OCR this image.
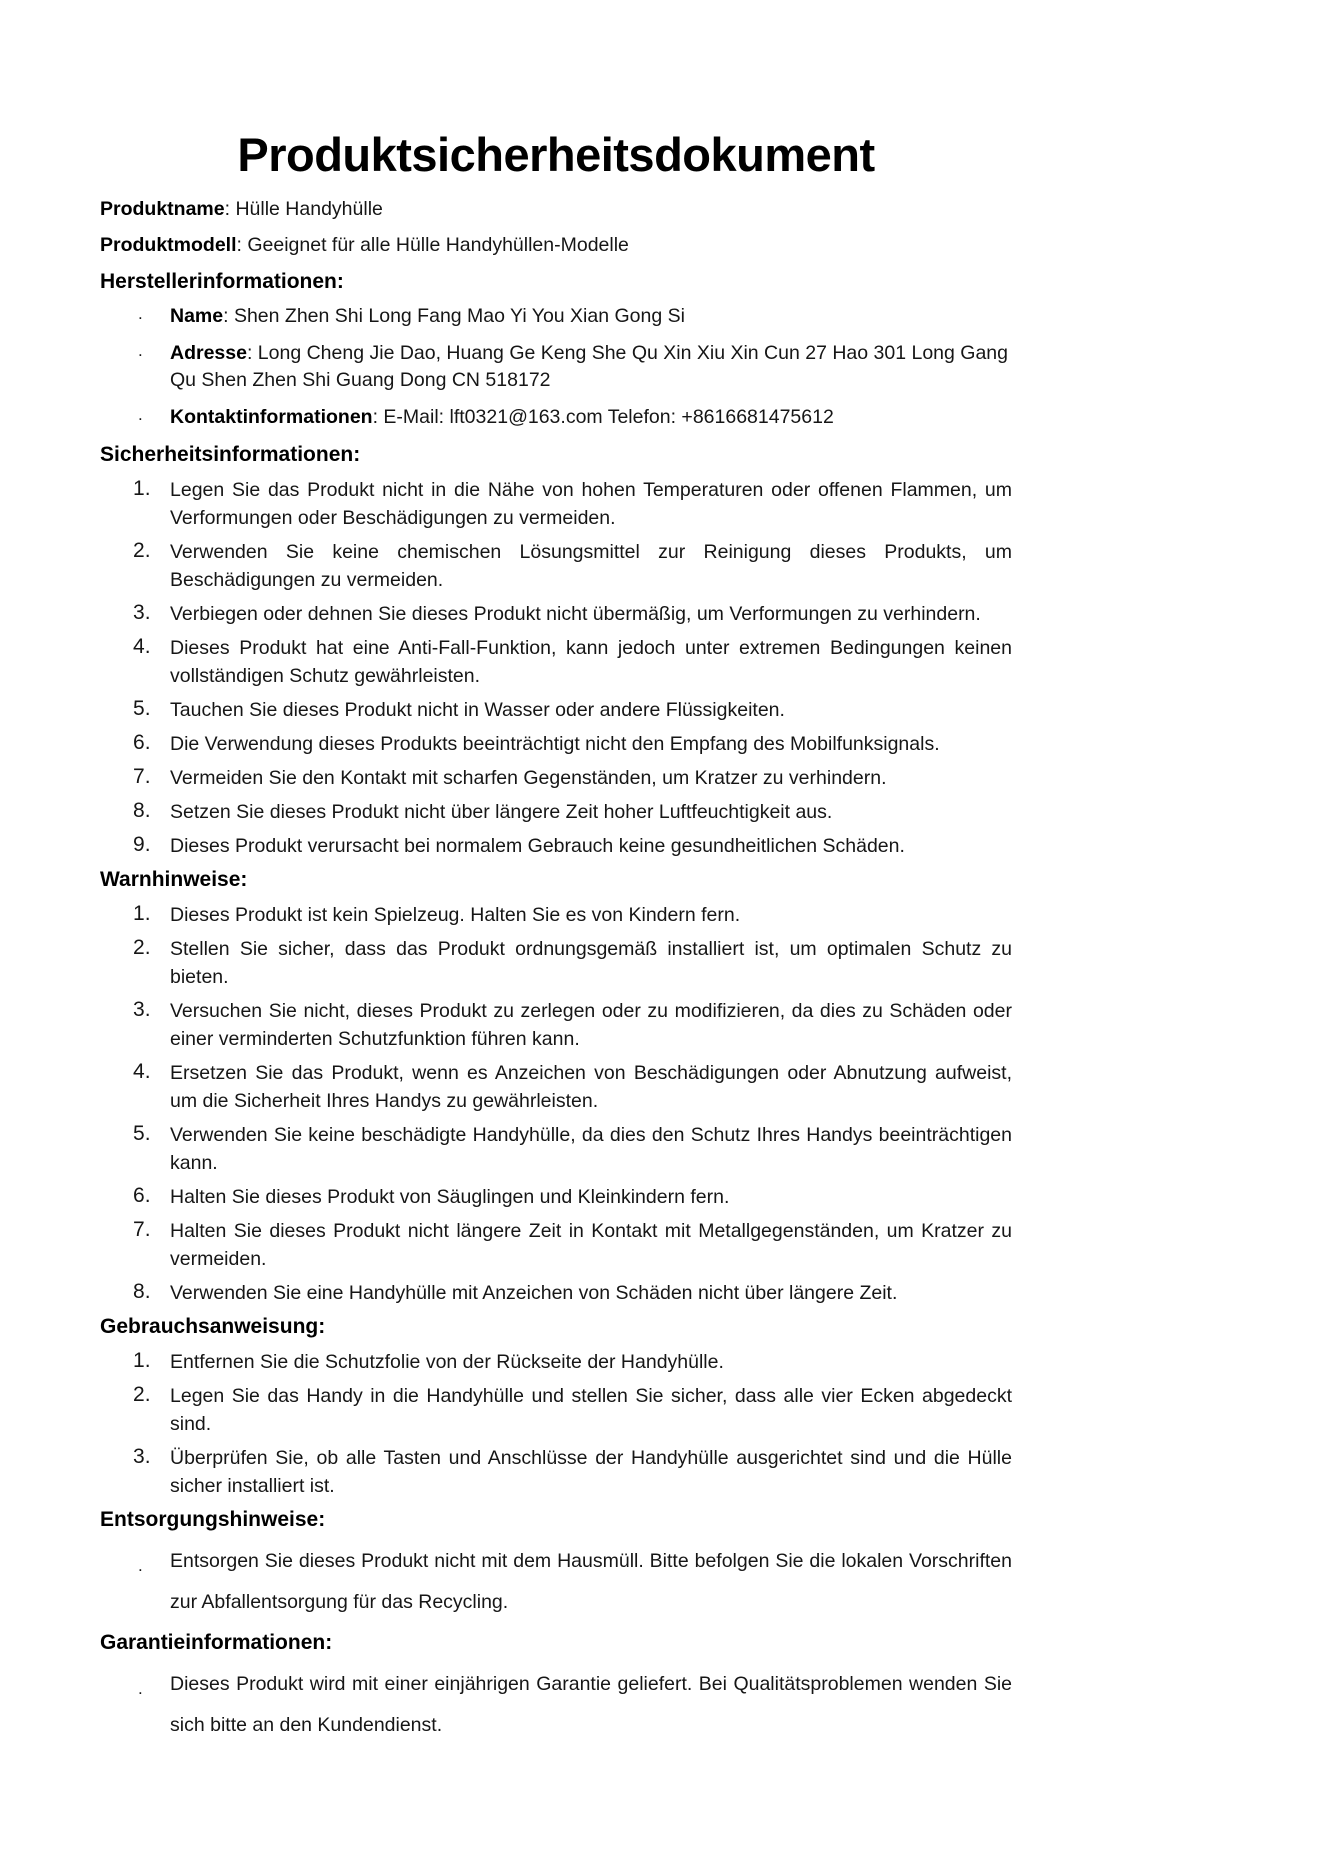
Produktsicherheitsdokument

Produktname: Hülle Handyhülle

Produktmodell: Geeignet für alle Hülle Handyhüllen-Modelle

Herstellerinformationen:
. Name: Shen Zhen Shi Long Fang Mao Yi You Xian Gong Si
. Adresse: Long Cheng Jie Dao, Huang Ge Keng She Qu Xin Xiu Xin Cun 27 Hao 301 Long Gang Qu Shen Zhen Shi Guang Dong CN 518172
. Kontaktinformationen: E-Mail: lft0321@163.com Telefon: +8616681475612
Sicherheitsinformationen:
Legen Sie das Produkt nicht in die Nähe von hohen Temperaturen oder offenen Flammen, um Verformungen oder Beschädigungen zu vermeiden.
Verwenden Sie keine chemischen Lösungsmittel zur Reinigung dieses Produkts, um Beschädigungen zu vermeiden.
Verbiegen oder dehnen Sie dieses Produkt nicht übermäßig, um Verformungen zu verhindern.
Dieses Produkt hat eine Anti-Fall-Funktion, kann jedoch unter extremen Bedingungen keinen vollständigen Schutz gewährleisten.
Tauchen Sie dieses Produkt nicht in Wasser oder andere Flüssigkeiten.
Die Verwendung dieses Produkts beeinträchtigt nicht den Empfang des Mobilfunksignals.
Vermeiden Sie den Kontakt mit scharfen Gegenständen, um Kratzer zu verhindern.
Setzen Sie dieses Produkt nicht über längere Zeit hoher Luftfeuchtigkeit aus.
Dieses Produkt verursacht bei normalem Gebrauch keine gesundheitlichen Schäden.
Warnhinweise:
Dieses Produkt ist kein Spielzeug. Halten Sie es von Kindern fern.
Stellen Sie sicher, dass das Produkt ordnungsgemäß installiert ist, um optimalen Schutz zu bieten.
Versuchen Sie nicht, dieses Produkt zu zerlegen oder zu modifizieren, da dies zu Schäden oder einer verminderten Schutzfunktion führen kann.
Ersetzen Sie das Produkt, wenn es Anzeichen von Beschädigungen oder Abnutzung aufweist, um die Sicherheit Ihres Handys zu gewährleisten.
Verwenden Sie keine beschädigte Handyhülle, da dies den Schutz Ihres Handys beeinträchtigen kann.
Halten Sie dieses Produkt von Säuglingen und Kleinkindern fern.
Halten Sie dieses Produkt nicht längere Zeit in Kontakt mit Metallgegenständen, um Kratzer zu vermeiden.
Verwenden Sie eine Handyhülle mit Anzeichen von Schäden nicht über längere Zeit.
Gebrauchsanweisung:
Entfernen Sie die Schutzfolie von der Rückseite der Handyhülle.
Legen Sie das Handy in die Handyhülle und stellen Sie sicher, dass alle vier Ecken abgedeckt sind.
Überprüfen Sie, ob alle Tasten und Anschlüsse der Handyhülle ausgerichtet sind und die Hülle sicher installiert ist.
Entsorgungshinweise:
. Entsorgen Sie dieses Produkt nicht mit dem Hausmüll. Bitte befolgen Sie die lokalen Vorschriften zur Abfallentsorgung für das Recycling.
Garantieinformationen:
. Dieses Produkt wird mit einer einjährigen Garantie geliefert. Bei Qualitätsproblemen wenden Sie sich bitte an den Kundendienst.
